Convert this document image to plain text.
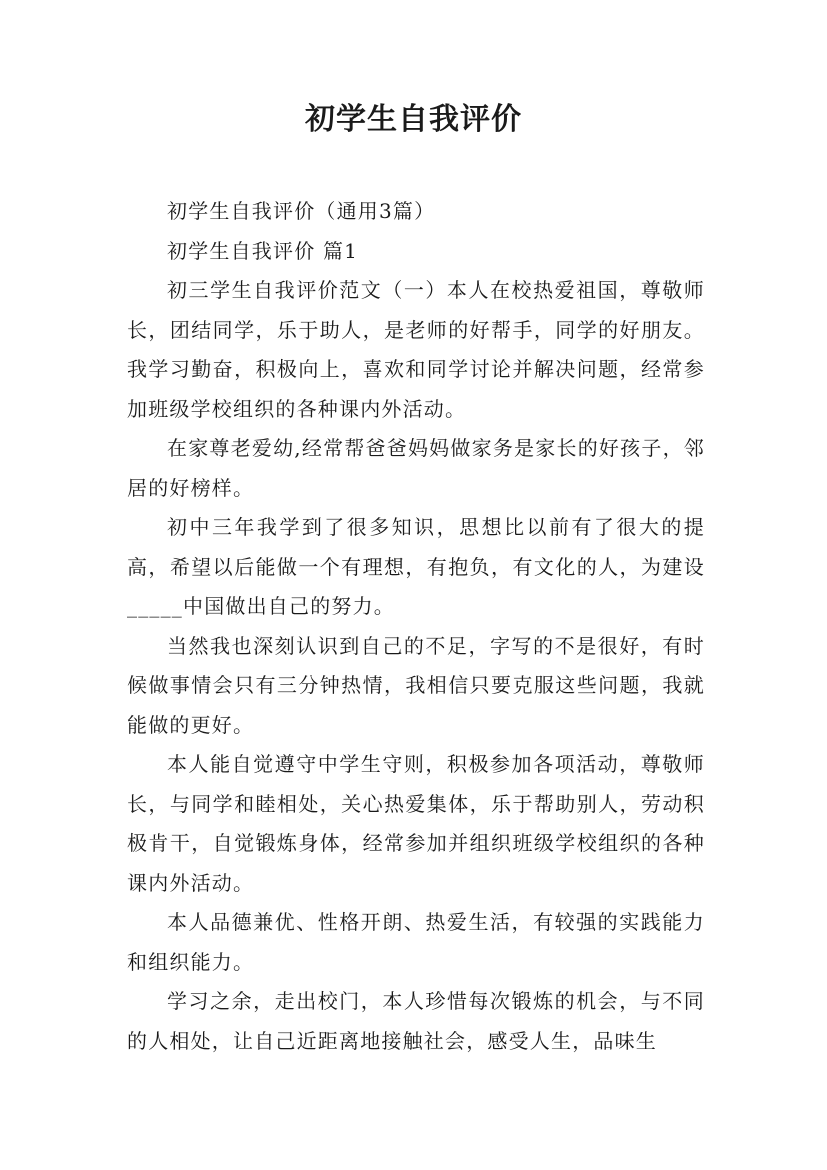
初学生自我评价

初学生自我评价（通用3篇）

初学生自我评价 篇1

初三学生自我评价范文（一）本人在校热爱祖国，尊敬师长，团结同学，乐于助人，是老师的好帮手，同学的好朋友。我学习勤奋，积极向上，喜欢和同学讨论并解决问题，经常参加班级学校组织的各种课内外活动。

在家尊老爱幼,经常帮爸爸妈妈做家务是家长的好孩子，邻居的好榜样。

初中三年我学到了很多知识，思想比以前有了很大的提高，希望以后能做一个有理想，有抱负，有文化的人，为建设_____中国做出自己的努力。

当然我也深刻认识到自己的不足，字写的不是很好，有时候做事情会只有三分钟热情，我相信只要克服这些问题，我就能做的更好。

本人能自觉遵守中学生守则，积极参加各项活动，尊敬师长，与同学和睦相处，关心热爱集体，乐于帮助别人，劳动积极肯干，自觉锻炼身体，经常参加并组织班级学校组织的各种课内外活动。

本人品德兼优、性格开朗、热爱生活，有较强的实践能力和组织能力。

学习之余，走出校门，本人珍惜每次锻炼的机会，与不同的人相处，让自己近距离地接触社会，感受人生，品味生
